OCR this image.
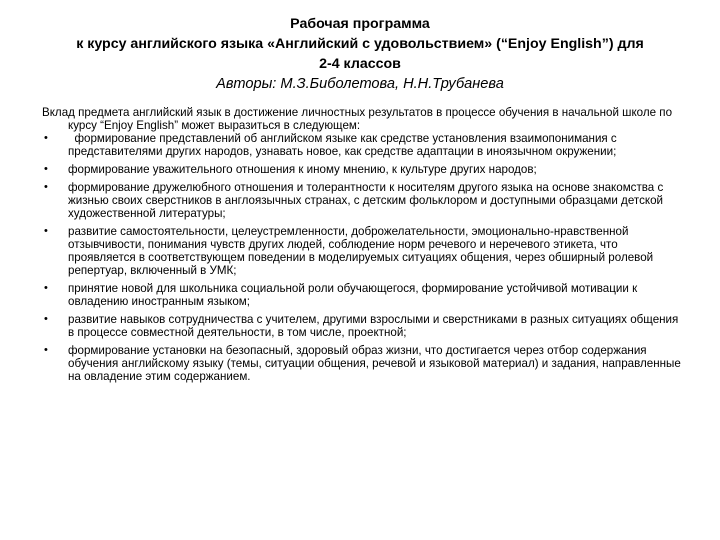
Рабочая программа
к курсу английского языка «Английский с удовольствием» (“Enjoy English”) для
2-4 классов
Авторы: М.З.Биболетова, Н.Н.Трубанева

Вклад предмета английский язык в достижение личностных результатов в процессе обучения в начальной школе по курсу “Enjoy English” может выразиться в следующем:

• формирование представлений об английском языке как средстве установления взаимопонимания с представителями других народов, узнавать новое, как средстве адаптации в иноязычном окружении;
• формирование уважительного отношения к иному мнению, к культуре других народов;
• формирование дружелюбного отношения и толерантности к носителям другого языка на основе знакомства с жизнью своих сверстников в англоязычных странах, с детским фольклором и доступными образцами детской художественной литературы;
• развитие самостоятельности, целеустремленности, доброжелательности, эмоционально-нравственной отзывчивости, понимания чувств других людей, соблюдение норм речевого и неречевого этикета, что проявляется в соответствующем поведении в моделируемых ситуациях общения, через обширный ролевой репертуар, включенный в УМК;
• принятие новой для школьника социальной роли обучающегося, формирование устойчивой мотивации к овладению иностранным языком;
• развитие навыков сотрудничества с учителем, другими взрослыми и сверстниками в разных ситуациях общения в процессе совместной деятельности, в том числе, проектной;
• формирование установки на безопасный, здоровый образ жизни, что достигается через отбор содержания обучения английскому языку (темы, ситуации общения, речевой и языковой материал) и задания, направленные на овладение этим содержанием.
